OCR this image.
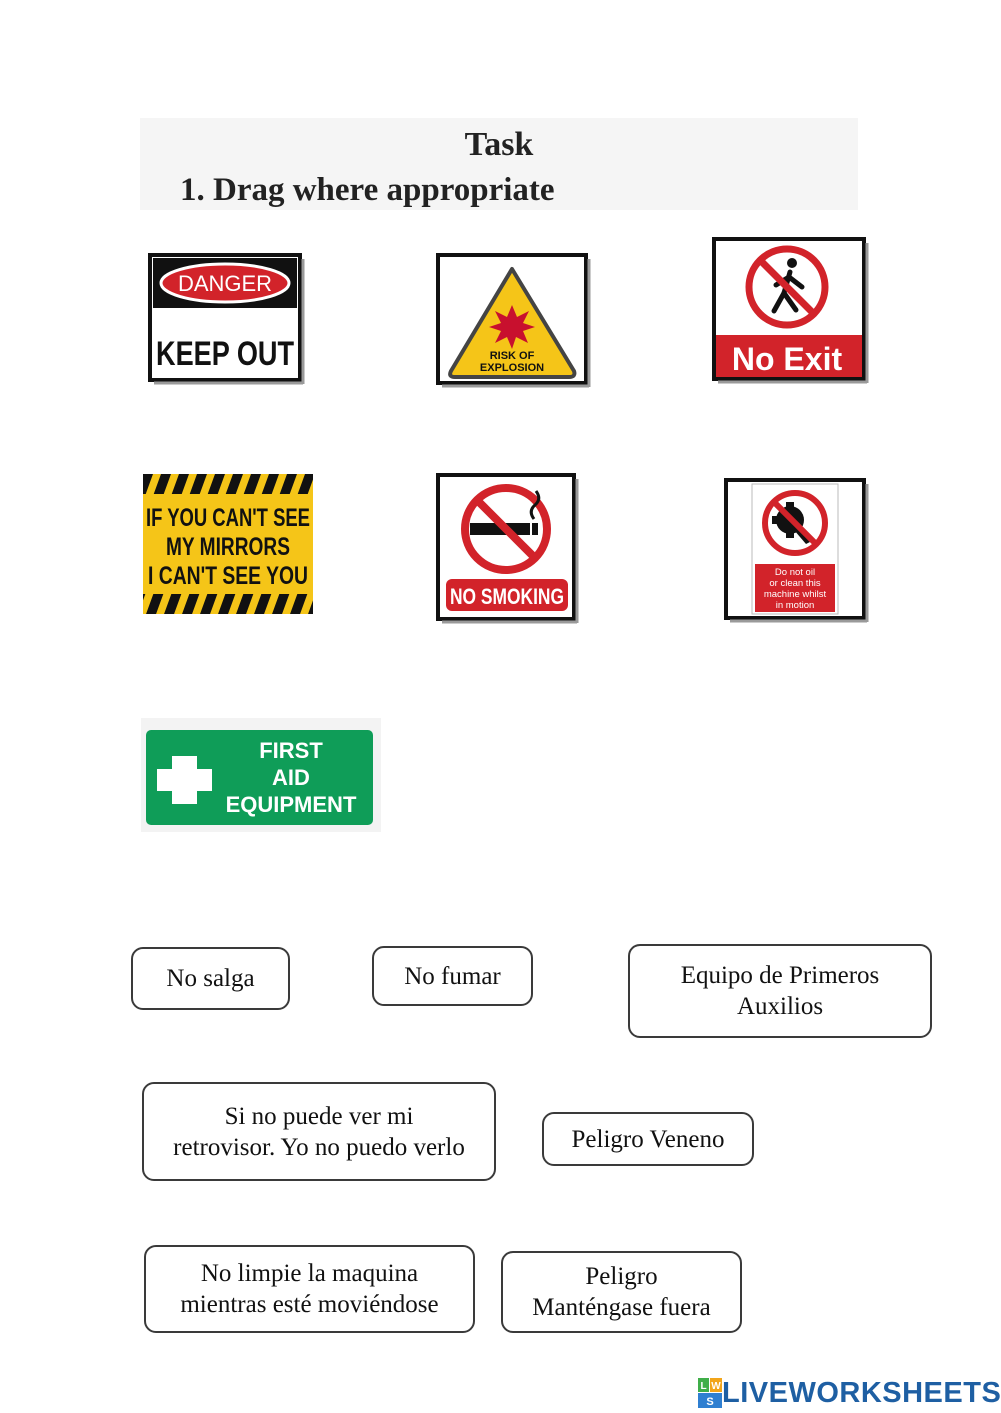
Task
1. Drag where appropriate
DANGER
KEEP OUT	RISK OF
EXPLOSION	No Exit
IF YOU CAN'T SEE
MY MIRRORS
I CAN'T SEE YOU
NO SMOKING
Do not oil
or clean this
machine whilst
in motion
FIRST
AID
EQUIPMENT
No salga	No fumar	Equipo de Primeros
Auxilios
Si no puede ver mi
retrovisor. Yo no puedo verlo	Peligro Veneno
No limpie la maquina
mientras esté moviéndose
Peligro
Manténgase fuera
L W
S LIVEWORKSHEETS
